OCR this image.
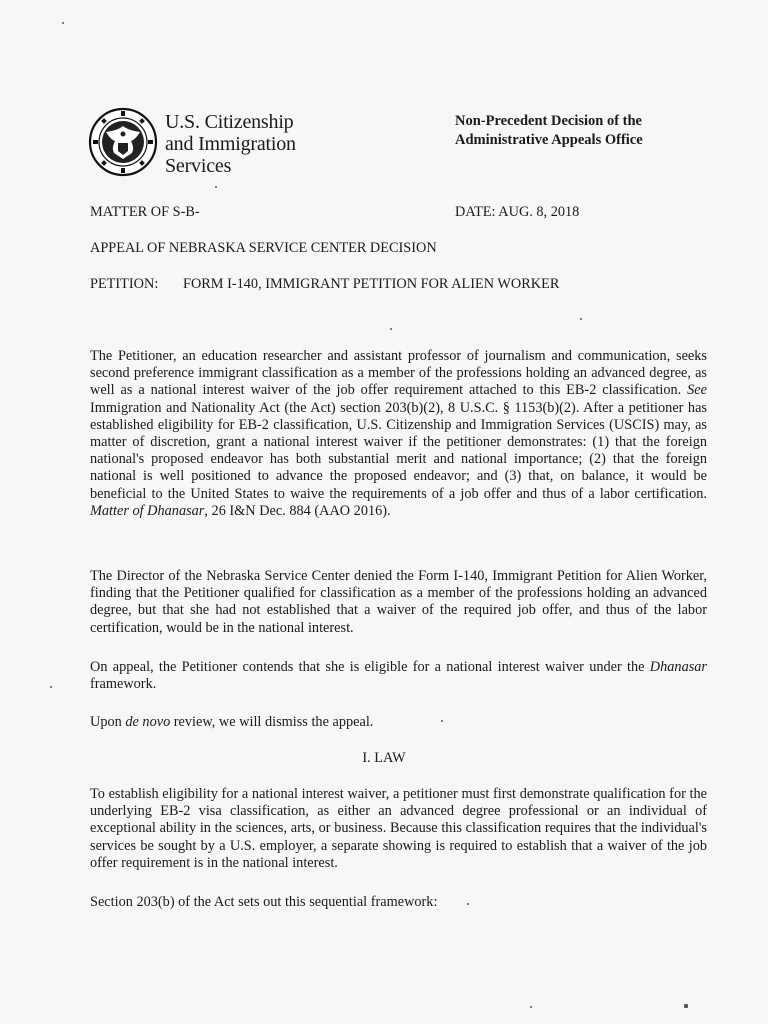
U.S. Citizenship
and Immigration
Services
Non-Precedent Decision of the
Administrative Appeals Office
MATTER OF S-B-	DATE: AUG. 8, 2018
APPEAL OF NEBRASKA SERVICE CENTER DECISION
PETITION: FORM I-140, IMMIGRANT PETITION FOR ALIEN WORKER
The Petitioner, an education researcher and assistant professor of journalism and communication, seeks second preference immigrant classification as a member of the professions holding an advanced degree, as well as a national interest waiver of the job offer requirement attached to this EB-2 classification. See Immigration and Nationality Act (the Act) section 203(b)(2), 8 U.S.C. § 1153(b)(2). After a petitioner has established eligibility for EB-2 classification, U.S. Citizenship and Immigration Services (USCIS) may, as matter of discretion, grant a national interest waiver if the petitioner demonstrates: (1) that the foreign national's proposed endeavor has both substantial merit and national importance; (2) that the foreign national is well positioned to advance the proposed endeavor; and (3) that, on balance, it would be beneficial to the United States to waive the requirements of a job offer and thus of a labor certification. Matter of Dhanasar, 26 I&N Dec. 884 (AAO 2016).
The Director of the Nebraska Service Center denied the Form I-140, Immigrant Petition for Alien Worker, finding that the Petitioner qualified for classification as a member of the professions holding an advanced degree, but that she had not established that a waiver of the required job offer, and thus of the labor certification, would be in the national interest.
On appeal, the Petitioner contends that she is eligible for a national interest waiver under the Dhanasar framework.
Upon de novo review, we will dismiss the appeal.
I. LAW
To establish eligibility for a national interest waiver, a petitioner must first demonstrate qualification for the underlying EB-2 visa classification, as either an advanced degree professional or an individual of exceptional ability in the sciences, arts, or business. Because this classification requires that the individual's services be sought by a U.S. employer, a separate showing is required to establish that a waiver of the job offer requirement is in the national interest.
Section 203(b) of the Act sets out this sequential framework:
